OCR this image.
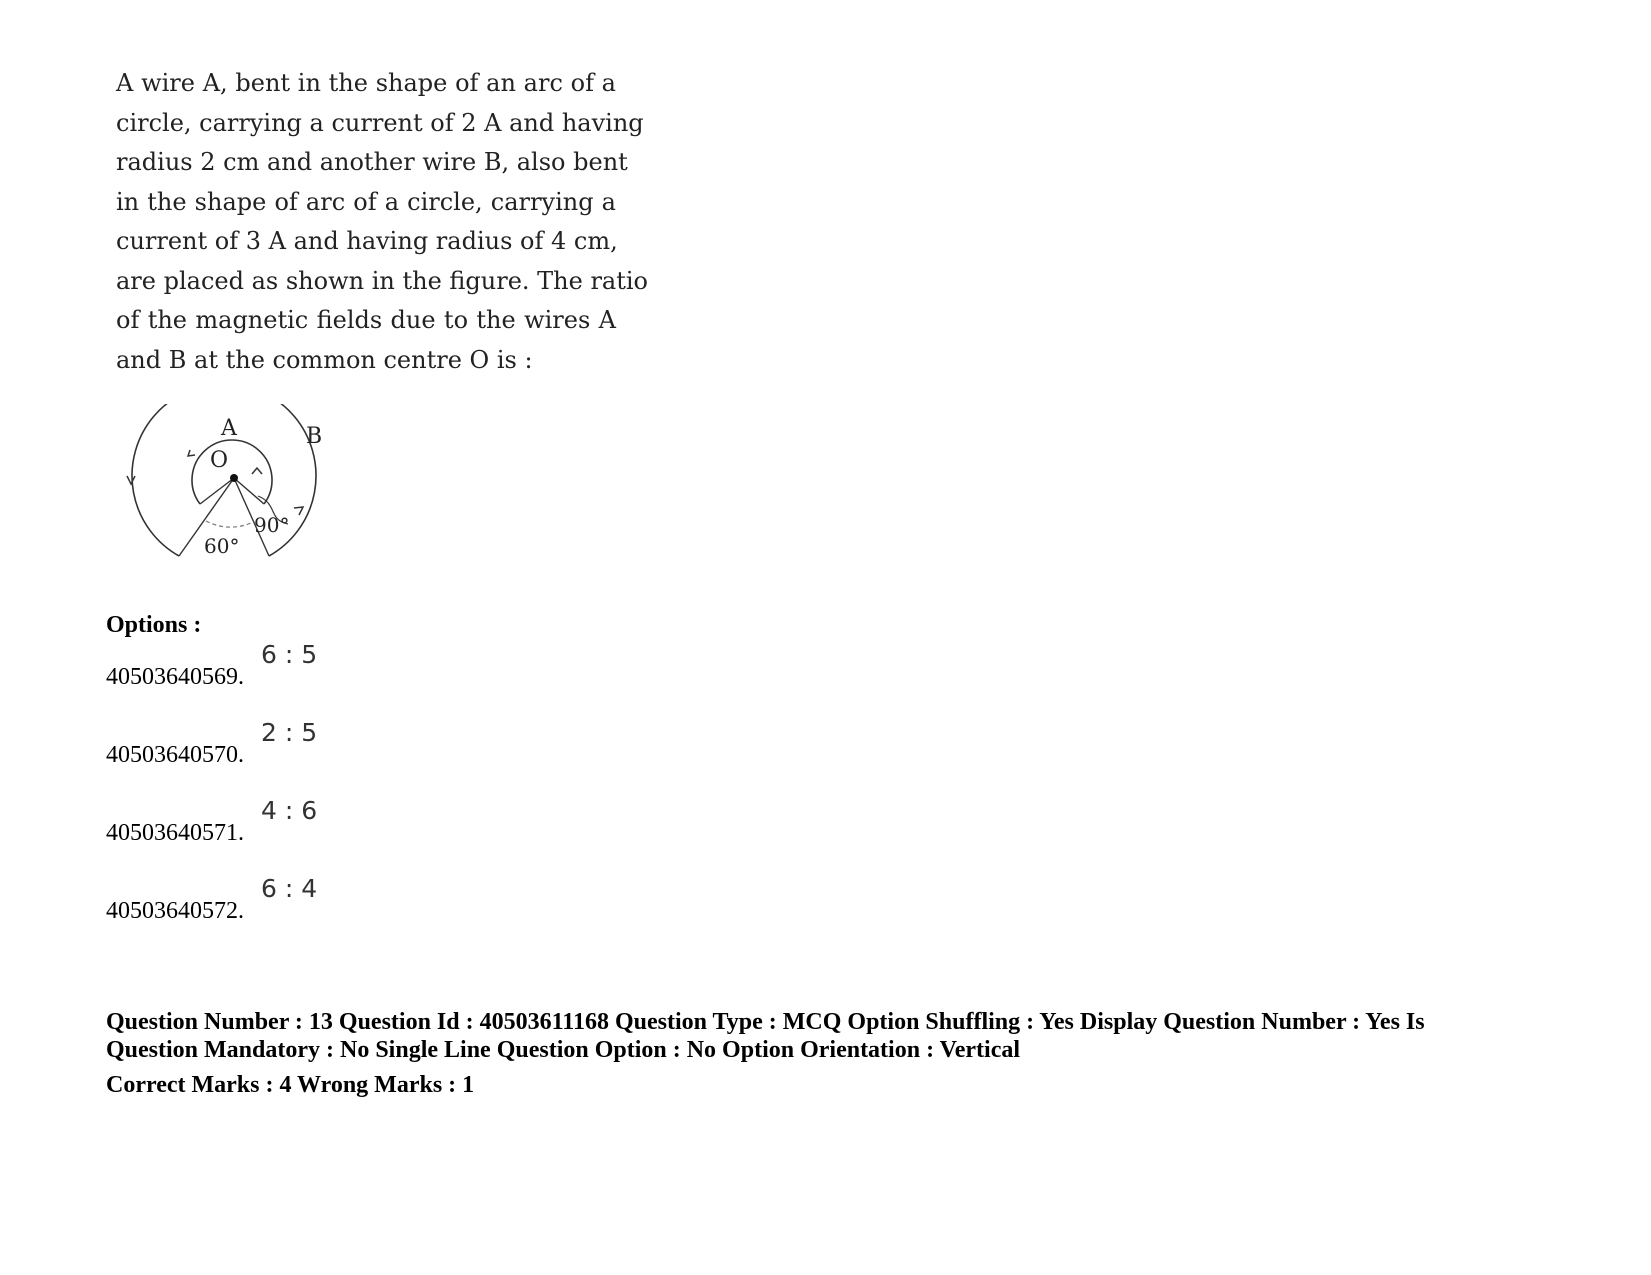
A wire A, bent in the shape of an arc of a
circle, carrying a current of 2 A and having
radius 2 cm and another wire B, also bent
in the shape of arc of a circle, carrying a
current of 3 A and having radius of 4 cm,
are placed as shown in the figure. The ratio
of the magnetic fields due to the wires A
and B at the common centre O is :
A	B
O
90°
60°
Options :
40503640569.
6 : 5
40503640570.
2 : 5
40503640571.
4 : 6
40503640572.
6 : 4
Question Number : 13 Question Id : 40503611168 Question Type : MCQ Option Shuffling : Yes Display Question Number : Yes Is
Question Mandatory : No Single Line Question Option : No Option Orientation : Vertical
Correct Marks : 4 Wrong Marks : 1
